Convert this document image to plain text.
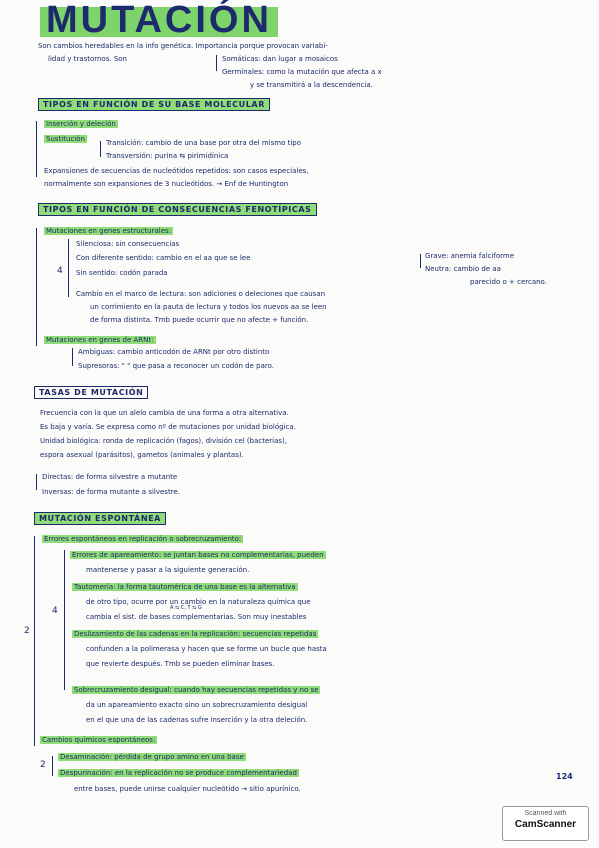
MUTACIÓN
Son cambios heredables en la info genética. Importancia porque provocan variabi-
lidad y trastornos. Son	Somáticas: dan lugar a mosaicos
Germinales: como la mutación que afecta a x
y se transmitirá a la descendencia.
TIPOS EN FUNCIÓN DE SU BASE MOLECULAR
Inserción y deleción
Sustitución	Transición: cambio de una base por otra del mismo tipo
Transversión: purina ⇆ pirimidínica
Expansiones de secuencias de nucleótidos repetidos: son casos especiales,
normalmente son expansiones de 3 nucleótidos. → Enf de Huntington
TIPOS EN FUNCIÓN DE CONSECUENCIAS FENOTÍPICAS
Mutaciones en genes estructurales:
4
Silenciosa: sin consecuencias
Con diferente sentido: cambio en el aa que se lee	Grave: anemia falciforme
Neutra: cambio de aa
parecido o + cercano.
Sin sentido: codón parada
Cambio en el marco de lectura: son adiciones o deleciones que causan
un corrimiento en la pauta de lectura y todos los nuevos aa se leen
de forma distinta. Tmb puede ocurrir que no afecte + función.
Mutaciones en genes de ARNt:
Ambiguas: cambio anticodón de ARNt por otro distinto
Supresoras: " " que pasa a reconocer un codón de paro.
TASAS DE MUTACIÓN
Frecuencia con la que un alelo cambia de una forma a otra alternativa.
Es baja y varía. Se expresa como nº de mutaciones por unidad biológica.
Unidad biológica: ronda de replicación (fagos), división cel (bacterias),
espora asexual (parásitos), gametos (animales y plantas).
Directas: de forma silvestre a mutante
Inversas: de forma mutante a silvestre.
MUTACIÓN ESPONTÁNEA
2
Errores espontáneos en replicación o sobrecruzamiento:
4
Errores de apareamiento: se juntan bases no complementarias, pueden
mantenerse y pasar a la siguiente generación.
Tautomería: la forma tautomérica de una base es la alternativa
de otro tipo, ocurre por un cambio en la naturaleza química que
cambia el sist. de bases complementarias. Son muy inestables
A ⇆ C, T ⇆ G
Deslizamiento de las cadenas en la replicación: secuencias repetidas
confunden a la polimerasa y hacen que se forme un bucle que hasta
que revierte después. Tmb se pueden eliminar bases.
Sobrecruzamiento desigual: cuando hay secuencias repetidas y no se
da un apareamiento exacto sino un sobrecruzamiento desigual
en el que una de las cadenas sufre inserción y la otra deleción.
Cambios químicos espontáneos:
2
Desaminación: pérdida de grupo amino en una base
Despurinación: en la replicación no se produce complementariedad
entre bases, puede unirse cualquier nucleótido → sitio apurínico.
124
Scanned with
CamScanner
